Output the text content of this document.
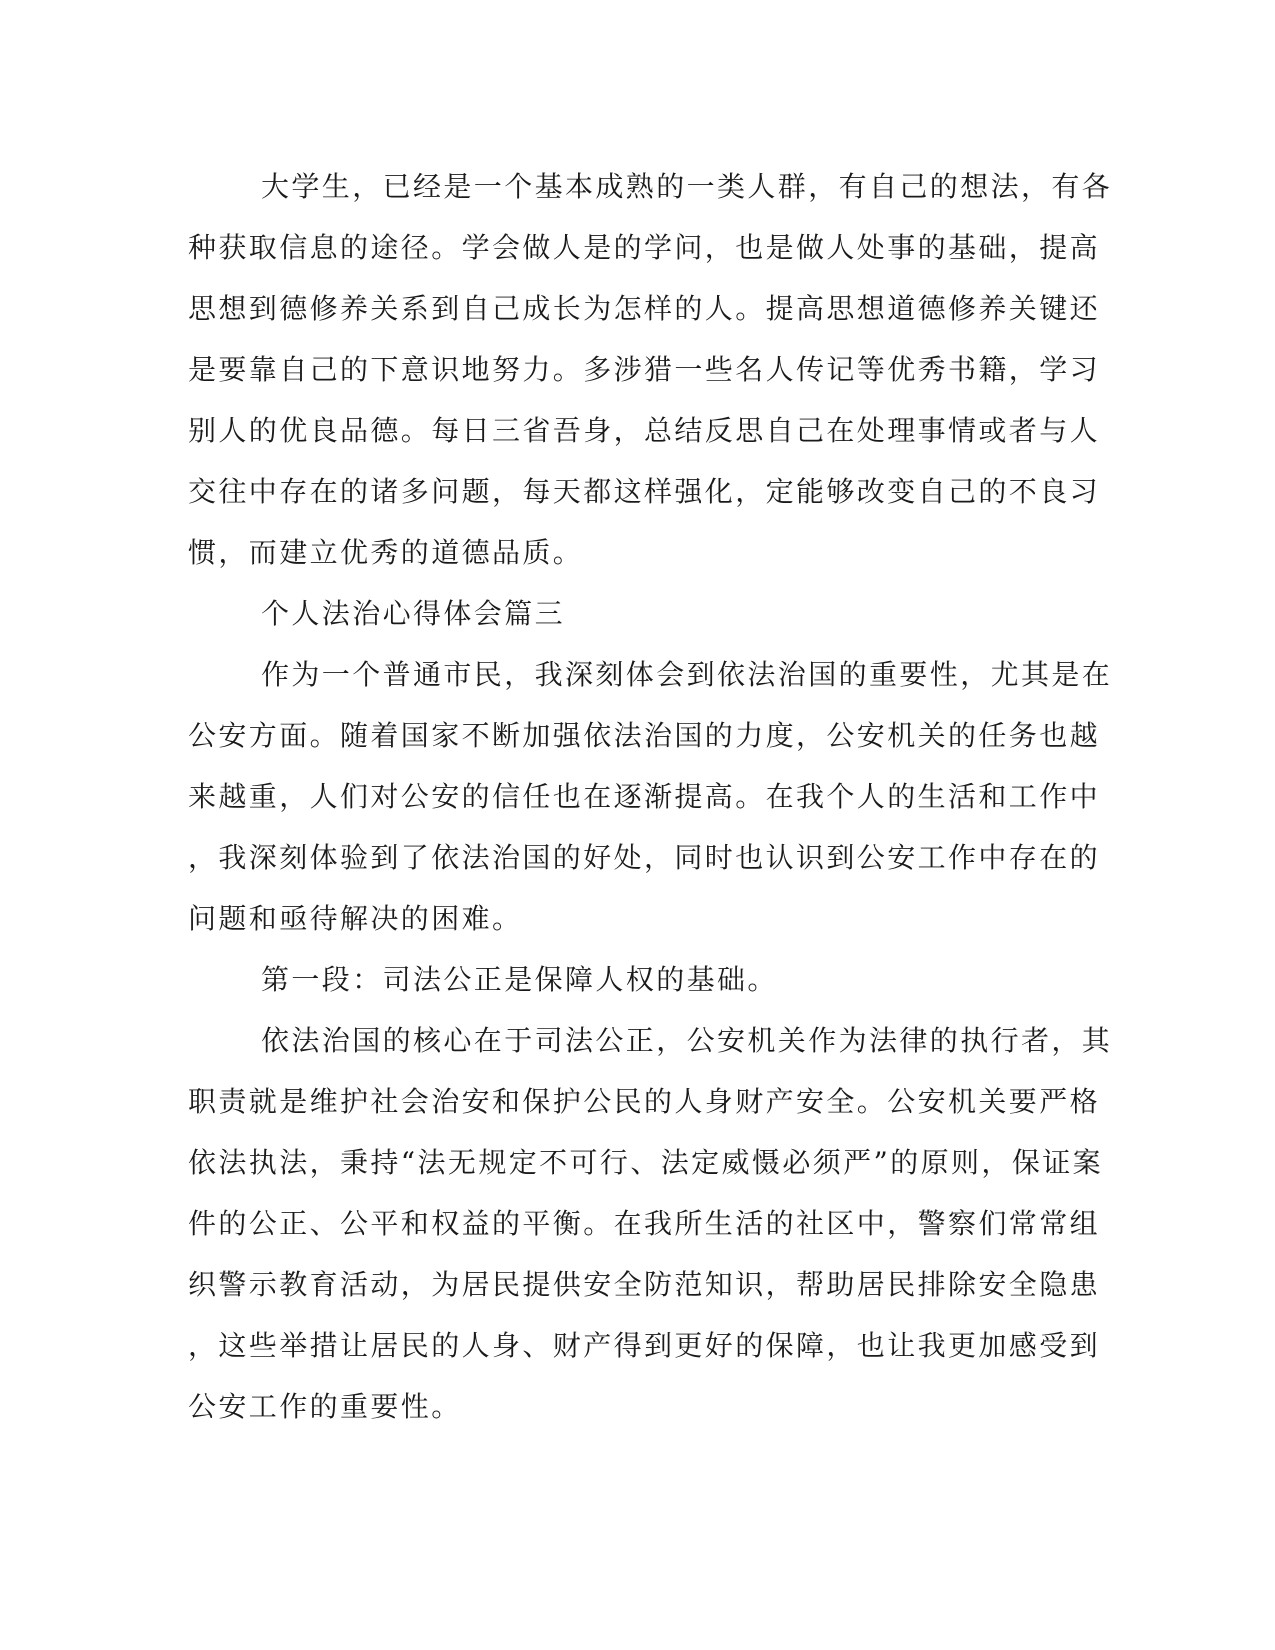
大学生，已经是一个基本成熟的一类人群，有自己的想法，有各
种获取信息的途径。学会做人是的学问，也是做人处事的基础，提高
思想到德修养关系到自己成长为怎样的人。提高思想道德修养关键还
是要靠自己的下意识地努力。多涉猎一些名人传记等优秀书籍，学习
别人的优良品德。每日三省吾身，总结反思自己在处理事情或者与人
交往中存在的诸多问题，每天都这样强化，定能够改变自己的不良习
惯，而建立优秀的道德品质。
个人法治心得体会篇三
作为一个普通市民，我深刻体会到依法治国的重要性，尤其是在
公安方面。随着国家不断加强依法治国的力度，公安机关的任务也越
来越重，人们对公安的信任也在逐渐提高。在我个人的生活和工作中
，我深刻体验到了依法治国的好处，同时也认识到公安工作中存在的
问题和亟待解决的困难。
第一段：司法公正是保障人权的基础。
依法治国的核心在于司法公正，公安机关作为法律的执行者，其
职责就是维护社会治安和保护公民的人身财产安全。公安机关要严格
依法执法，秉持“法无规定不可行、法定威慑必须严”的原则，保证案
件的公正、公平和权益的平衡。在我所生活的社区中，警察们常常组
织警示教育活动，为居民提供安全防范知识，帮助居民排除安全隐患
，这些举措让居民的人身、财产得到更好的保障，也让我更加感受到
公安工作的重要性。
